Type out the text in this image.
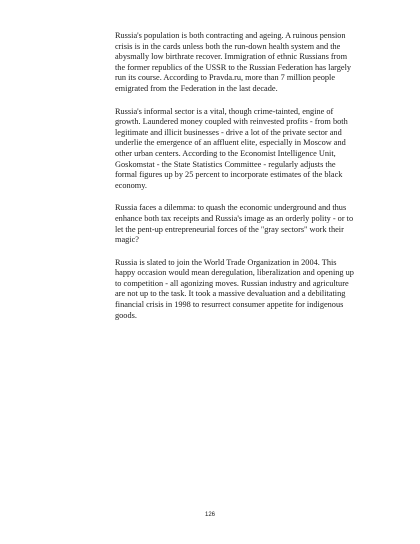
Russia's population is both contracting and ageing. A ruinous pension crisis is in the cards unless both the run-down health system and the abysmally low birthrate recover. Immigration of ethnic Russians from the former republics of the USSR to the Russian Federation has largely run its course. According to Pravda.ru, more than 7 million people emigrated from the Federation in the last decade.

Russia's informal sector is a vital, though crime-tainted, engine of growth. Laundered money coupled with reinvested profits - from both legitimate and illicit businesses - drive a lot of the private sector and underlie the emergence of an affluent elite, especially in Moscow and other urban centers. According to the Economist Intelligence Unit, Goskomstat - the State Statistics Committee - regularly adjusts the formal figures up by 25 percent to incorporate estimates of the black economy.

Russia faces a dilemma: to quash the economic underground and thus enhance both tax receipts and Russia's image as an orderly polity - or to let the pent-up entrepreneurial forces of the "gray sectors" work their magic?

Russia is slated to join the World Trade Organization in 2004. This happy occasion would mean deregulation, liberalization and opening up to competition - all agonizing moves. Russian industry and agriculture are not up to the task. It took a massive devaluation and a debilitating financial crisis in 1998 to resurrect consumer appetite for indigenous goods.

126
